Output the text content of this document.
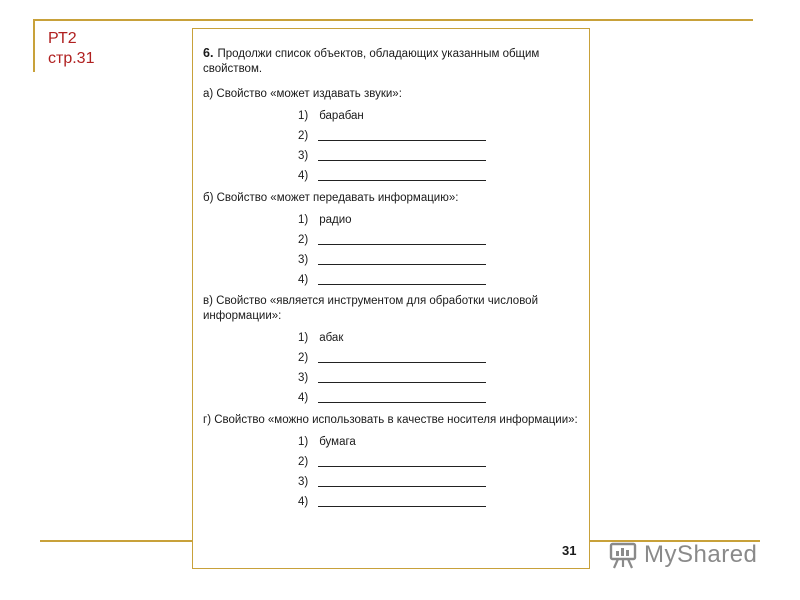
РТ2
стр.31	6. Продолжи список объектов, обладающих указанным общим свойством.
а) Свойство «может издавать звуки»:
1) барабан
2)
3)
4)
б) Свойство «может передавать информацию»:
1) радио
2)
3)
4)
в) Свойство «является инструментом для обработки числовой информации»:
1) абак
2)
3)
4)
г) Свойство «можно использовать в качестве носителя информации»:
1) бумага
2)
3)
4)
31	MyShared
